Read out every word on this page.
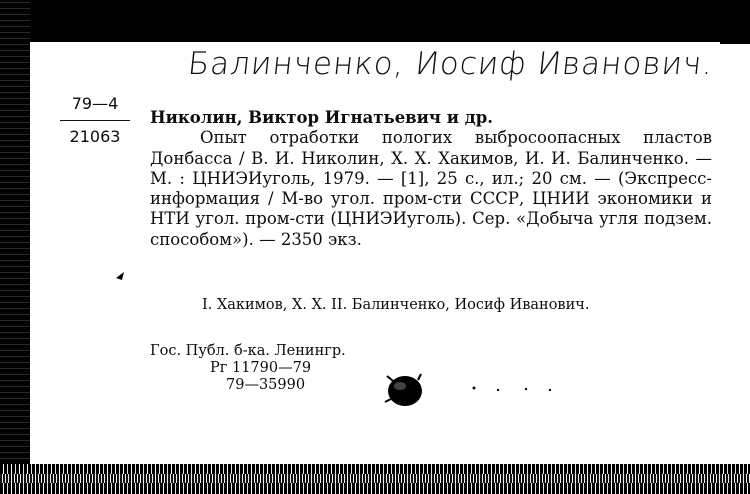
Балинченко, Иосиф Иванович.
79—4
21063
Николин, Виктор Игнатьевич и др.
Опыт отработки пологих выбросоопасных пластов Донбасса / В. И. Николин, Х. Х. Хакимов, И. И. Балинченко. — М. : ЦНИЭИуголь, 1979. — [1], 25 с., ил.; 20 см. — (Экспресс-информация / М-во угол. пром-сти СССР, ЦНИИ экономики и НТИ угол. пром-сти (ЦНИЭИуголь). Сер. «Добыча угля подзем. способом»). — 2350 экз.
I. Хакимов, Х. Х. II. Балинченко, Иосиф Иванович.
Гос. Публ. б-ка. Ленингр.
Рг 11790—79
79—35990
